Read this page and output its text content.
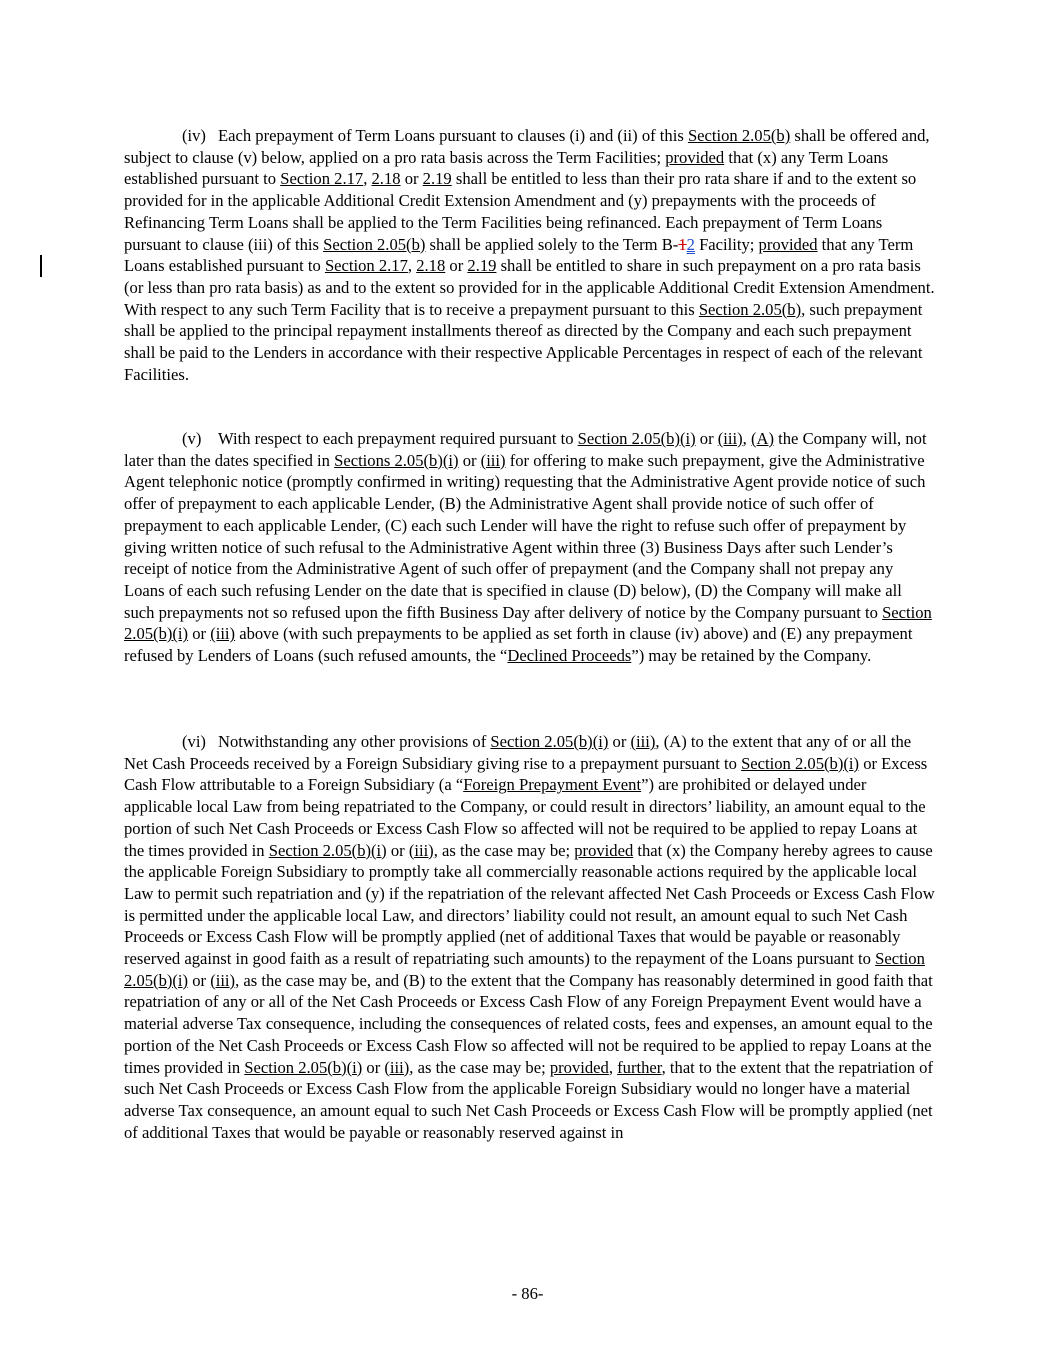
(iv) Each prepayment of Term Loans pursuant to clauses (i) and (ii) of this Section 2.05(b) shall be offered and, subject to clause (v) below, applied on a pro rata basis across the Term Facilities; provided that (x) any Term Loans established pursuant to Section 2.17, 2.18 or 2.19 shall be entitled to less than their pro rata share if and to the extent so provided for in the applicable Additional Credit Extension Amendment and (y) prepayments with the proceeds of Refinancing Term Loans shall be applied to the Term Facilities being refinanced. Each prepayment of Term Loans pursuant to clause (iii) of this Section 2.05(b) shall be applied solely to the Term B-12 Facility; provided that any Term Loans established pursuant to Section 2.17, 2.18 or 2.19 shall be entitled to share in such prepayment on a pro rata basis (or less than pro rata basis) as and to the extent so provided for in the applicable Additional Credit Extension Amendment. With respect to any such Term Facility that is to receive a prepayment pursuant to this Section 2.05(b), such prepayment shall be applied to the principal repayment installments thereof as directed by the Company and each such prepayment shall be paid to the Lenders in accordance with their respective Applicable Percentages in respect of each of the relevant Facilities.

(v) With respect to each prepayment required pursuant to Section 2.05(b)(i) or (iii), (A) the Company will, not later than the dates specified in Sections 2.05(b)(i) or (iii) for offering to make such prepayment, give the Administrative Agent telephonic notice (promptly confirmed in writing) requesting that the Administrative Agent provide notice of such offer of prepayment to each applicable Lender, (B) the Administrative Agent shall provide notice of such offer of prepayment to each applicable Lender, (C) each such Lender will have the right to refuse such offer of prepayment by giving written notice of such refusal to the Administrative Agent within three (3) Business Days after such Lender’s receipt of notice from the Administrative Agent of such offer of prepayment (and the Company shall not prepay any Loans of each such refusing Lender on the date that is specified in clause (D) below), (D) the Company will make all such prepayments not so refused upon the fifth Business Day after delivery of notice by the Company pursuant to Section 2.05(b)(i) or (iii) above (with such prepayments to be applied as set forth in clause (iv) above) and (E) any prepayment refused by Lenders of Loans (such refused amounts, the “Declined Proceeds”) may be retained by the Company.

(vi) Notwithstanding any other provisions of Section 2.05(b)(i) or (iii), (A) to the extent that any of or all the Net Cash Proceeds received by a Foreign Subsidiary giving rise to a prepayment pursuant to Section 2.05(b)(i) or Excess Cash Flow attributable to a Foreign Subsidiary (a “Foreign Prepayment Event”) are prohibited or delayed under applicable local Law from being repatriated to the Company, or could result in directors’ liability, an amount equal to the portion of such Net Cash Proceeds or Excess Cash Flow so affected will not be required to be applied to repay Loans at the times provided in Section 2.05(b)(i) or (iii), as the case may be; provided that (x) the Company hereby agrees to cause the applicable Foreign Subsidiary to promptly take all commercially reasonable actions required by the applicable local Law to permit such repatriation and (y) if the repatriation of the relevant affected Net Cash Proceeds or Excess Cash Flow is permitted under the applicable local Law, and directors’ liability could not result, an amount equal to such Net Cash Proceeds or Excess Cash Flow will be promptly applied (net of additional Taxes that would be payable or reasonably reserved against in good faith as a result of repatriating such amounts) to the repayment of the Loans pursuant to Section 2.05(b)(i) or (iii), as the case may be, and (B) to the extent that the Company has reasonably determined in good faith that repatriation of any or all of the Net Cash Proceeds or Excess Cash Flow of any Foreign Prepayment Event would have a material adverse Tax consequence, including the consequences of related costs, fees and expenses, an amount equal to the portion of the Net Cash Proceeds or Excess Cash Flow so affected will not be required to be applied to repay Loans at the times provided in Section 2.05(b)(i) or (iii), as the case may be; provided, further, that to the extent that the repatriation of such Net Cash Proceeds or Excess Cash Flow from the applicable Foreign Subsidiary would no longer have a material adverse Tax consequence, an amount equal to such Net Cash Proceeds or Excess Cash Flow will be promptly applied (net of additional Taxes that would be payable or reasonably reserved against in

- 86-
